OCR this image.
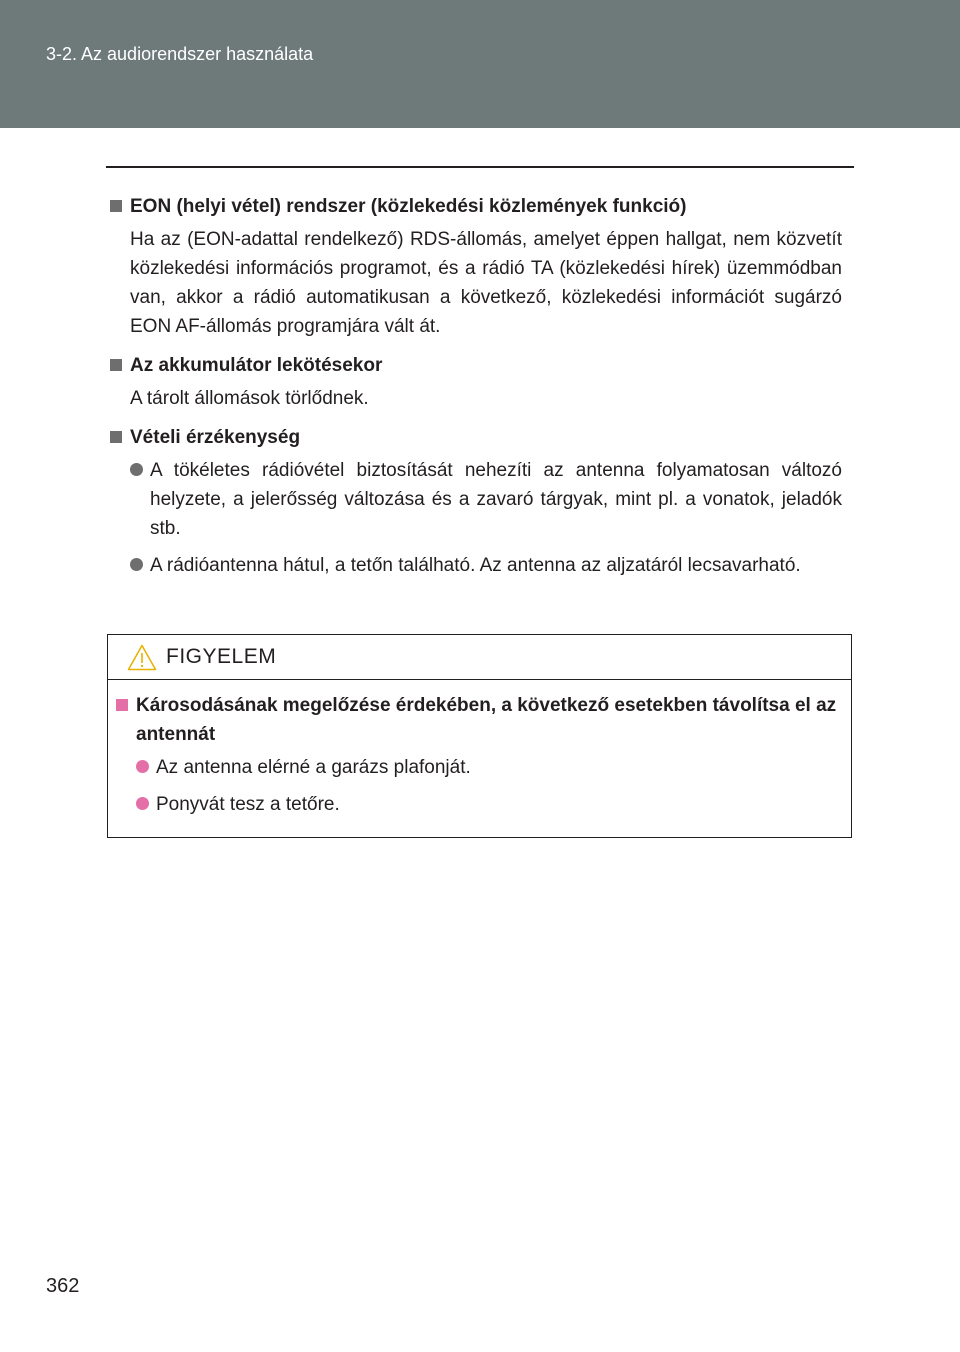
3-2. Az audiorendszer használata
EON (helyi vétel) rendszer (közlekedési közlemények funkció)
Ha az (EON-adattal rendelkező) RDS-állomás, amelyet éppen hallgat, nem közvetít közlekedési információs programot, és a rádió TA (közlekedési hírek) üzemmódban van, akkor a rádió automatikusan a következő, közlekedési információt sugárzó EON AF-állomás programjára vált át.
Az akkumulátor lekötésekor
A tárolt állomások törlődnek.
Vételi érzékenység
A tökéletes rádióvétel biztosítását nehezíti az antenna folyamatosan változó helyzete, a jelerősség változása és a zavaró tárgyak, mint pl. a vonatok, jeladók stb.
A rádióantenna hátul, a tetőn található. Az antenna az aljzatáról lecsavarható.
FIGYELEM
Károsodásának megelőzése érdekében, a következő esetekben távolítsa el az antennát
Az antenna elérné a garázs plafonját.
Ponyvát tesz a tetőre.
362
